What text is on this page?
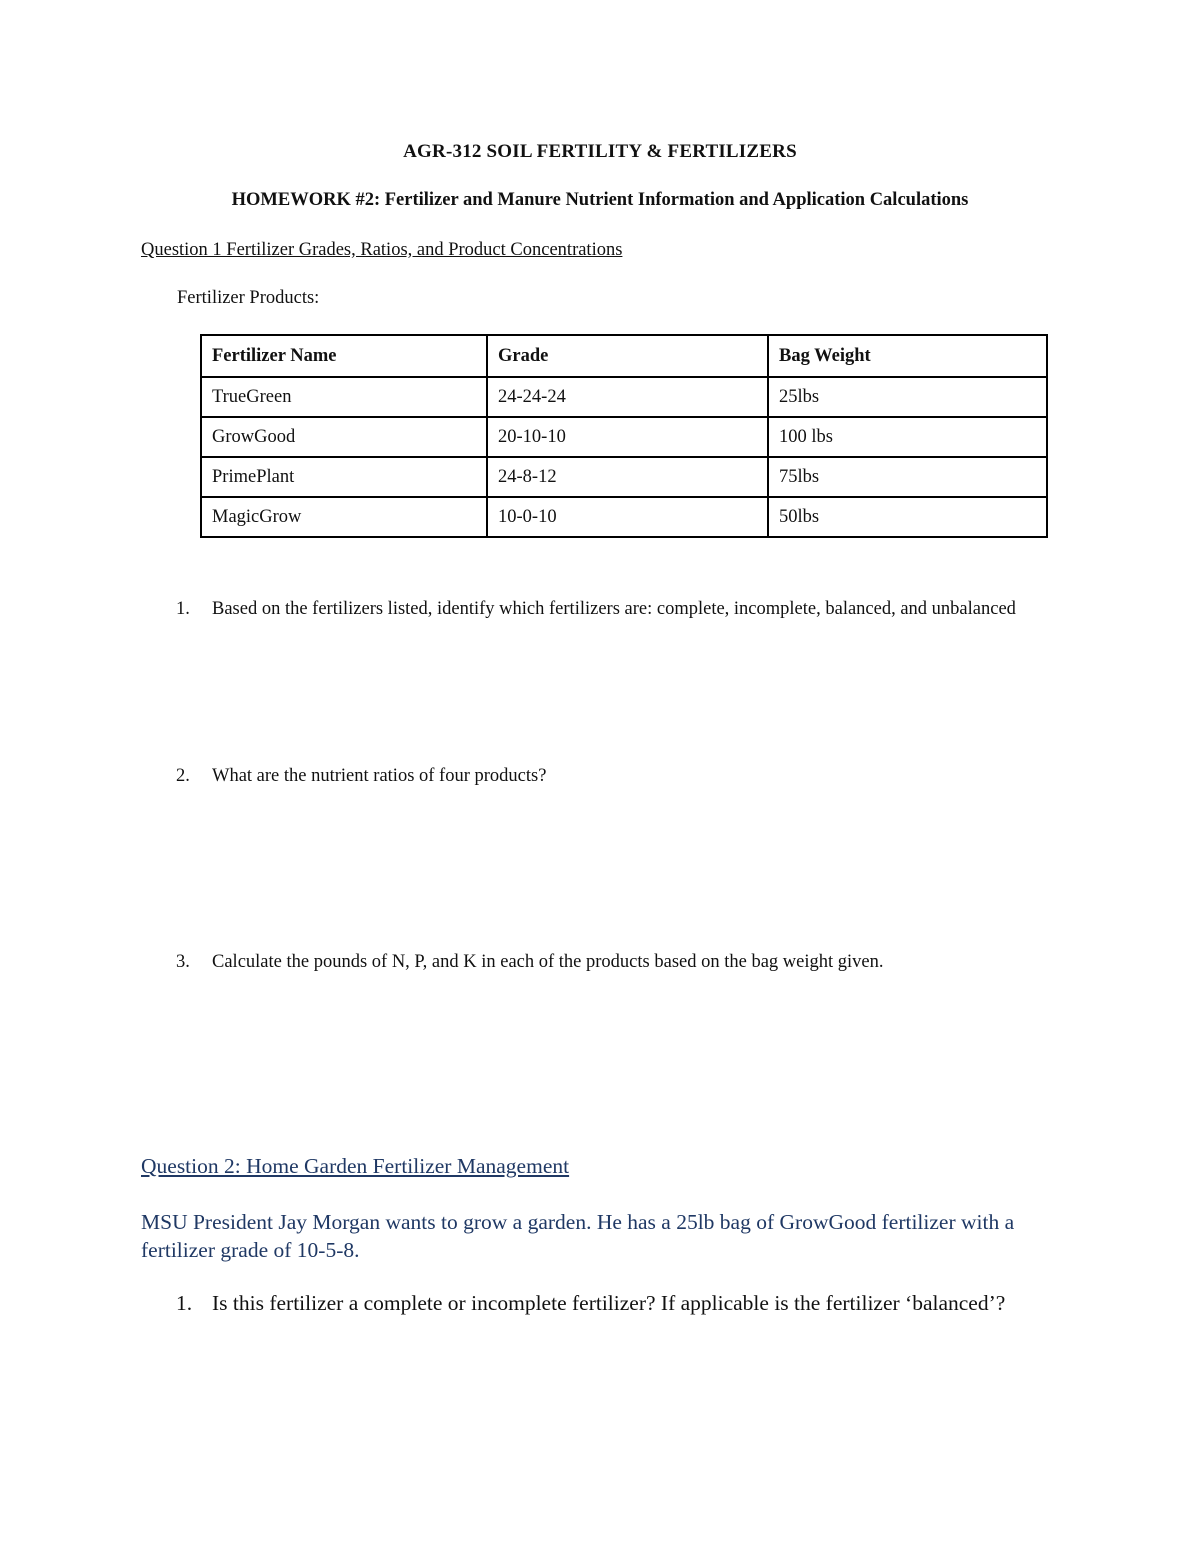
AGR-312 SOIL FERTILITY & FERTILIZERS
HOMEWORK #2: Fertilizer and Manure Nutrient Information and Application Calculations
Question 1 Fertilizer Grades, Ratios, and Product Concentrations
Fertilizer Products:
Fertilizer Name	Grade	Bag Weight
TrueGreen	24-24-24	25lbs
GrowGood	20-10-10	100 lbs
PrimePlant	24-8-12	75lbs
MagicGrow	10-0-10	50lbs
1.	Based on the fertilizers listed, identify which fertilizers are: complete, incomplete, balanced, and unbalanced
2.	What are the nutrient ratios of four products?
3.	Calculate the pounds of N, P, and K in each of the products based on the bag weight given.
Question 2: Home Garden Fertilizer Management
MSU President Jay Morgan wants to grow a garden. He has a 25lb bag of GrowGood fertilizer with a fertilizer grade of 10-5-8.
1. Is this fertilizer a complete or incomplete fertilizer? If applicable is the fertilizer ‘balanced’?
